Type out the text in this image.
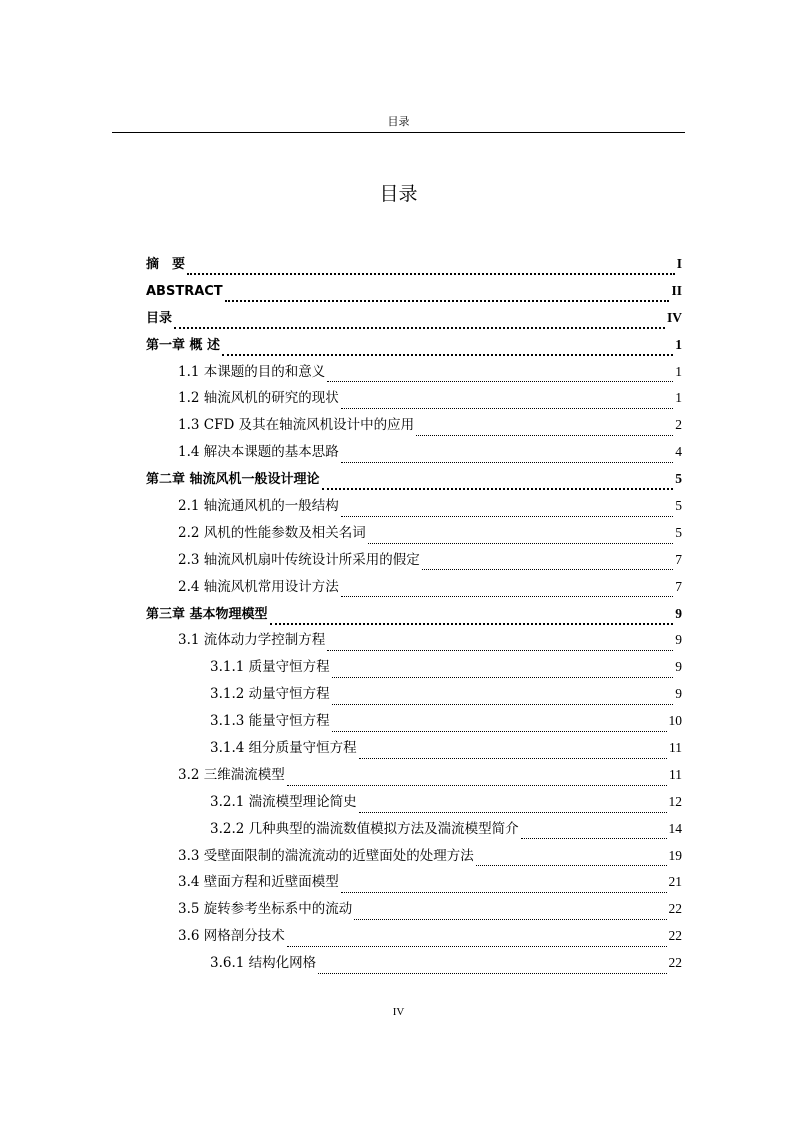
目录
目录
摘　要	I
ABSTRACT	II
目录	IV
第一章 概 述	1
1.1 本课题的目的和意义	1
1.2 轴流风机的研究的现状	1
1.3 CFD 及其在轴流风机设计中的应用	2
1.4 解决本课题的基本思路	4
第二章 轴流风机一般设计理论	5
2.1 轴流通风机的一般结构	5
2.2 风机的性能参数及相关名词	5
2.3 轴流风机扇叶传统设计所采用的假定	7
2.4 轴流风机常用设计方法	7
第三章 基本物理模型	9
3.1 流体动力学控制方程	9
3.1.1 质量守恒方程	9
3.1.2 动量守恒方程	9
3.1.3 能量守恒方程	10
3.1.4 组分质量守恒方程	11
3.2 三维湍流模型	11
3.2.1 湍流模型理论简史	12
3.2.2 几种典型的湍流数值模拟方法及湍流模型简介	14
3.3 受壁面限制的湍流流动的近壁面处的处理方法	19
3.4 壁面方程和近壁面模型	21
3.5 旋转参考坐标系中的流动	22
3.6 网格剖分技术	22
3.6.1 结构化网格	22
IV
